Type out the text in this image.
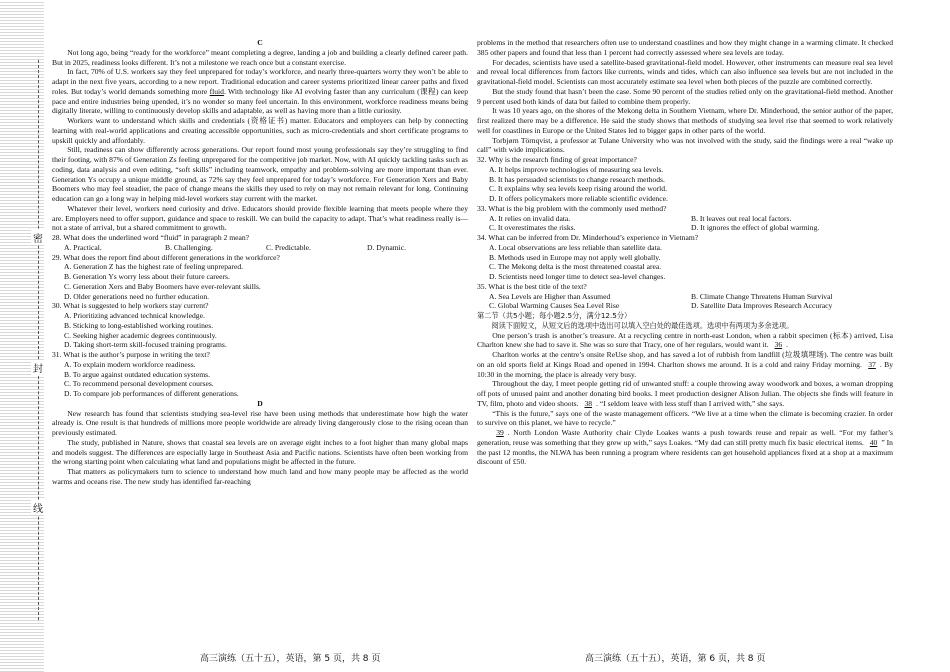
密
封
线

C

Not long ago, being “ready for the workforce” meant completing a degree, landing a job and building a clearly defined career path. But in 2025, readiness looks different. It’s not a milestone we reach once but a constant exercise.

In fact, 70% of U.S. workers say they feel unprepared for today’s workforce, and nearly three-quarters worry they won’t be able to adapt in the next five years, according to a new report. Traditional education and career systems prioritized linear career paths and fixed roles. But today’s world demands something more fluid. With technology like AI evolving faster than any curriculum (课程) can keep pace and entire industries being upended, it’s no wonder so many feel uncertain. In this environment, workforce readiness means being digitally literate, willing to continuously develop skills and adaptable, as well as having more than a little curiosity.

Workers want to understand which skills and credentials (资格证书) matter. Educators and employers can help by connecting learning with real-world applications and creating accessible opportunities, such as micro-credentials and short certificate programs to upskill quickly and affordably.

Still, readiness can show differently across generations. Our report found most young professionals say they’re struggling to find their footing, with 87% of Generation Zs feeling unprepared for the competitive job market. Now, with AI quickly tackling tasks such as coding, data analysis and even editing, “soft skills” including teamwork, empathy and problem-solving are more important than ever. Generation Ys occupy a unique middle ground, as 72% say they feel unprepared for today’s workforce. For Generation Xers and Baby Boomers who may feel steadier, the pace of change means the skills they used to rely on may not remain relevant for long. Continuing education can go a long way in helping mid-level workers stay current with the market.

Whatever their level, workers need curiosity and drive. Educators should provide flexible learning that meets people where they are. Employers need to offer support, guidance and space to reskill. We can build the capacity to adapt. That’s what readiness really is—not a state of arrival, but a shared commitment to growth.

28. What does the underlined word “fluid” in paragraph 2 mean?

A. Practical.	B. Challenging.	C. Predictable.	D. Dynamic.

29. What does the report find about different generations in the workforce?

A. Generation Z has the highest rate of feeling unprepared.

B. Generation Ys worry less about their future careers.

C. Generation Xers and Baby Boomers have ever-relevant skills.

D. Older generations need no further education.

30. What is suggested to help workers stay current?

A. Prioritizing advanced technical knowledge.

B. Sticking to long-established working routines.

C. Seeking higher academic degrees continuously.

D. Taking short-term skill-focused training programs.

31. What is the author’s purpose in writing the text?

A. To explain modern workforce readiness.

B. To argue against outdated education systems.

C. To recommend personal development courses.

D. To compare job performances of different generations.

D

New research has found that scientists studying sea-level rise have been using methods that underestimate how high the water already is. One result is that hundreds of millions more people worldwide are already living dangerously close to the rising ocean than previously estimated.

The study, published in Nature, shows that coastal sea levels are on average eight inches to a foot higher than many global maps and models suggest. The differences are especially large in Southeast Asia and Pacific nations. Scientists have often been working from the wrong starting point when calculating what land and populations might be affected in the future.

That matters as policymakers turn to science to understand how much land and how many people may be affected as the world warms and oceans rise. The new study has identified far-reaching

problems in the method that researchers often use to understand coastlines and how they might change in a warming climate. It checked 385 other papers and found that less than 1 percent had correctly assessed where sea levels are today.

For decades, scientists have used a satellite-based gravitational-field model. However, other instruments can measure real sea level and reveal local differences from factors like currents, winds and tides, which can also influence sea levels but are not included in the gravitational-field model. Scientists can most accurately estimate sea level when both pieces of the puzzle are combined correctly.

But the study found that hasn’t been the case. Some 90 percent of the studies relied only on the gravitational-field method. Another 9 percent used both kinds of data but failed to combine them properly.

It was 10 years ago, on the shores of the Mekong delta in Southern Vietnam, where Dr. Minderhoud, the senior author of the paper, first realized there may be a difference. He said the study shows that methods of studying sea level rise that seemed to work relatively well for coastlines in Europe or the United States led to bigger gaps in other parts of the world.

Torbjørn Törnqvist, a professor at Tulane University who was not involved with the study, said the findings were a real “wake up call” with wide implications.

32. Why is the research finding of great importance?

A. It helps improve technologies of measuring sea levels.

B. It has persuaded scientists to change research methods.

C. It explains why sea levels keep rising around the world.

D. It offers policymakers more reliable scientific evidence.

33. What is the big problem with the commonly used method?

A. It relies on invalid data.	B. It leaves out real local factors.
C. It overestimates the risks.	D. It ignores the effect of global warming.

34. What can be inferred from Dr. Minderhoud’s experience in Vietnam?

A. Local observations are less reliable than satellite data.

B. Methods used in Europe may not apply well globally.

C. The Mekong delta is the most threatened coastal area.

D. Scientists need longer time to detect sea-level changes.

35. What is the best title of the text?

A. Sea Levels are Higher than Assumed	B. Climate Change Threatens Human Survival
C. Global Warming Causes Sea Level Rise	D. Satellite Data Improves Research Accuracy

第二节（共5小题；每小题2.5分，满分12.5分）

阅读下面短文，从短文后的选项中选出可以填入空白处的最佳选项。选项中有两项为多余选项。

One person’s trash is another’s treasure. At a recycling centre in north-east London, when a rabbit specimen (标本) arrived, Lisa Charlton knew she had to save it. She was so sure that Tracy, one of her regulars, would want it. 36 .

Charlton works at the centre’s onsite ReUse shop, and has saved a lot of rubbish from landfill (垃圾填埋场). The centre was built on an old sports field at Kings Road and opened in 1994. Charlton shows me around. It is a cold and rainy Friday morning. 37 . By 10:30 in the morning, the place is already very busy.

Throughout the day, I meet people getting rid of unwanted stuff: a couple throwing away woodwork and boxes, a woman dropping off pots of unused paint and another donating bird books. I meet production designer Alison Julian. The objects she finds will feature in TV, film, photo and video shoots. 38 . “I seldom leave with less stuff than I arrived with,” she says.

“This is the future,” says one of the waste management officers. “We live at a time when the climate is becoming crazier. In order to survive on this planet, we have to recycle.”

39 . North London Waste Authority chair Clyde Loakes wants a push towards reuse and repair as well. “For my father’s generation, reuse was something that they grew up with,” says Loakes. “My dad can still pretty much fix basic electrical items. 40 ” In the past 12 months, the NLWA has been running a program where residents can get household appliances fixed at a shop at a maximum discount of £50.

高三演练（五十五），英语，第 5 页，共 8 页	高三演练（五十五），英语，第 6 页，共 8 页
